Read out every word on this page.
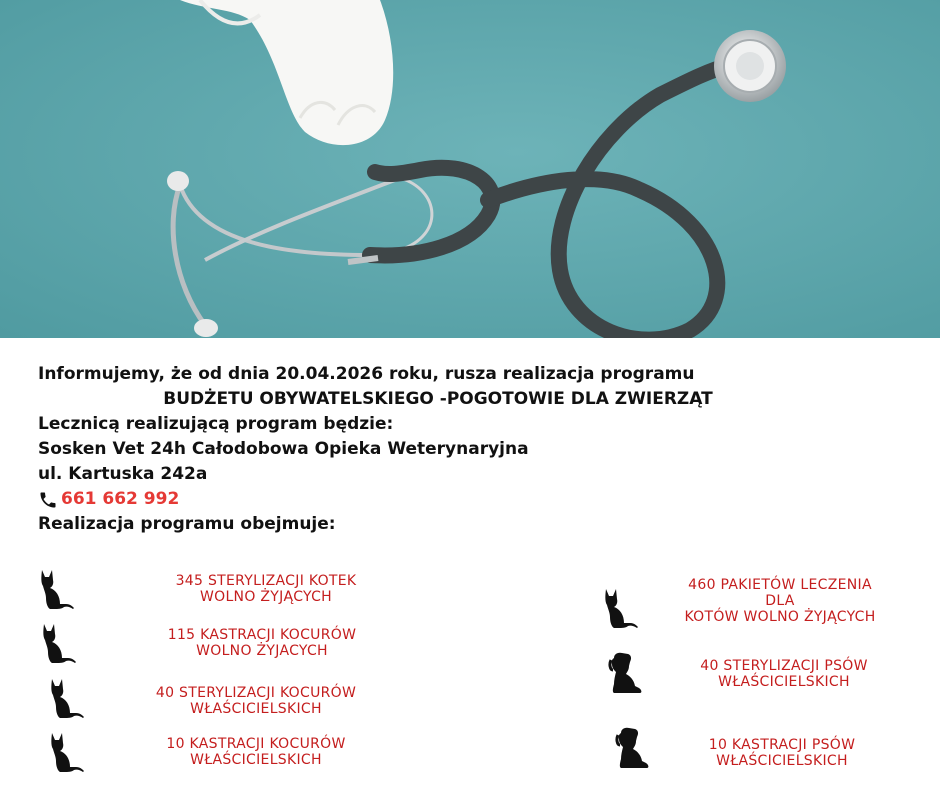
Informujemy, że od dnia 20.04.2026 roku, rusza realizacja programu
BUDŻETU OBYWATELSKIEGO -POGOTOWIE DLA ZWIERZĄT
Lecznicą realizującą program będzie:
Sosken Vet 24h Całodobowa Opieka Weterynaryjna
ul. Kartuska 242a
661 662 992
Realizacja programu obejmuje:
345 STERYLIZACJI KOTEK
WOLNO ŻYJĄCYCH
115 KASTRACJI KOCURÓW
WOLNO ŻYJACYCH
40 STERYLIZACJI KOCURÓW
WŁAŚCICIELSKICH
10 KASTRACJI KOCURÓW
WŁAŚCICIELSKICH
460 PAKIETÓW LECZENIA
DLA
KOTÓW WOLNO ŻYJĄCYCH
40 STERYLIZACJI PSÓW
WŁAŚCICIELSKICH
10 KASTRACJI PSÓW
WŁAŚCICIELSKICH
